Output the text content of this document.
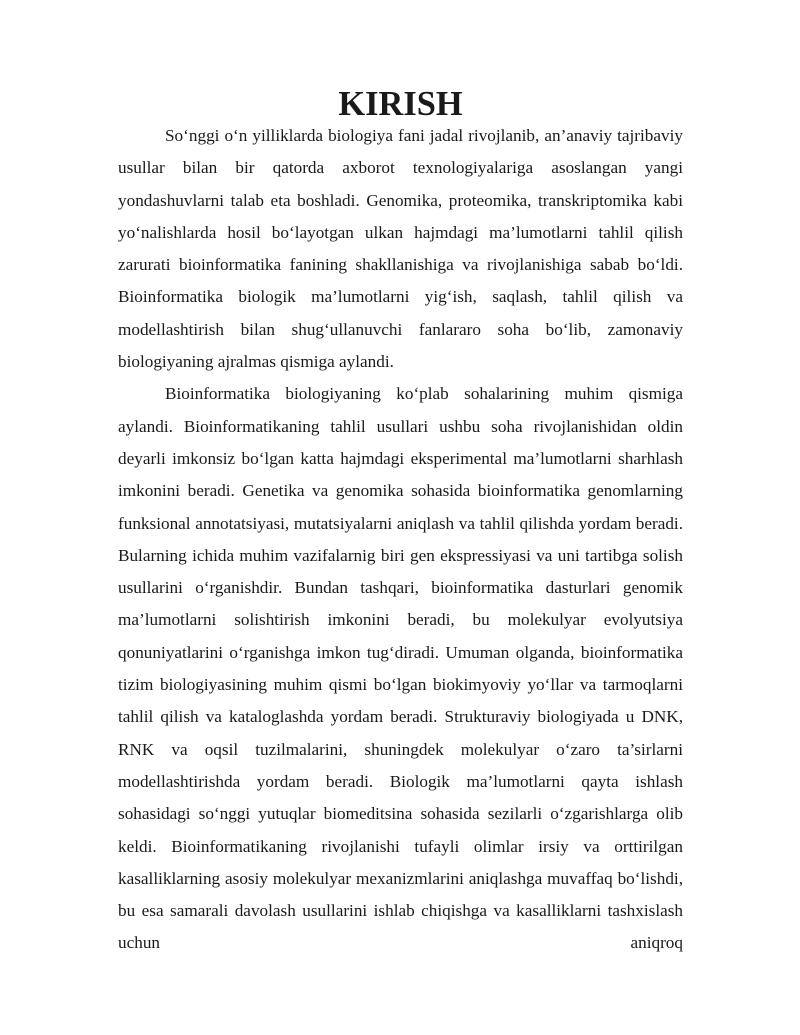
KIRISH

So‘nggi o‘n yilliklarda biologiya fani jadal rivojlanib, an’anaviy tajribaviy usullar bilan bir qatorda axborot texnologiyalariga asoslangan yangi yondashuvlarni talab eta boshladi. Genomika, proteomika, transkriptomika kabi yo‘nalishlarda hosil bo‘layotgan ulkan hajmdagi ma’lumotlarni tahlil qilish zarurati bioinformatika fanining shakllanishiga va rivojlanishiga sabab bo‘ldi. Bioinformatika biologik ma’lumotlarni yig‘ish, saqlash, tahlil qilish va modellashtirish bilan shug‘ullanuvchi fanlararo soha bo‘lib, zamonaviy biologiyaning ajralmas qismiga aylandi.

Bioinformatika biologiyaning ko‘plab sohalarining muhim qismiga aylandi. Bioinformatikaning tahlil usullari ushbu soha rivojlanishidan oldin deyarli imkonsiz bo‘lgan katta hajmdagi eksperimental ma’lumotlarni sharhlash imkonini beradi. Genetika va genomika sohasida bioinformatika genomlarning funksional annotatsiyasi, mutatsiyalarni aniqlash va tahlil qilishda yordam beradi. Bularning ichida muhim vazifalarnig biri gen ekspressiyasi va uni tartibga solish usullarini o‘rganishdir. Bundan tashqari, bioinformatika dasturlari genomik ma’lumotlarni solishtirish imkonini beradi, bu molekulyar evolyutsiya qonuniyatlarini o‘rganishga imkon tug‘diradi. Umuman olganda, bioinformatika tizim biologiyasining muhim qismi bo‘lgan biokimyoviy yo‘llar va tarmoqlarni tahlil qilish va kataloglashda yordam beradi. Strukturaviy biologiyada u DNK, RNK va oqsil tuzilmalarini, shuningdek molekulyar o‘zaro ta’sirlarni modellashtirishda yordam beradi. Biologik ma’lumotlarni qayta ishlash sohasidagi so‘nggi yutuqlar biomeditsina sohasida sezilarli o‘zgarishlarga olib keldi. Bioinformatikaning rivojlanishi tufayli olimlar irsiy va orttirilgan kasalliklarning asosiy molekulyar mexanizmlarini aniqlashga muvaffaq bo‘lishdi, bu esa samarali davolash usullarini ishlab chiqishga va kasalliklarni tashxislash uchun aniqroq
